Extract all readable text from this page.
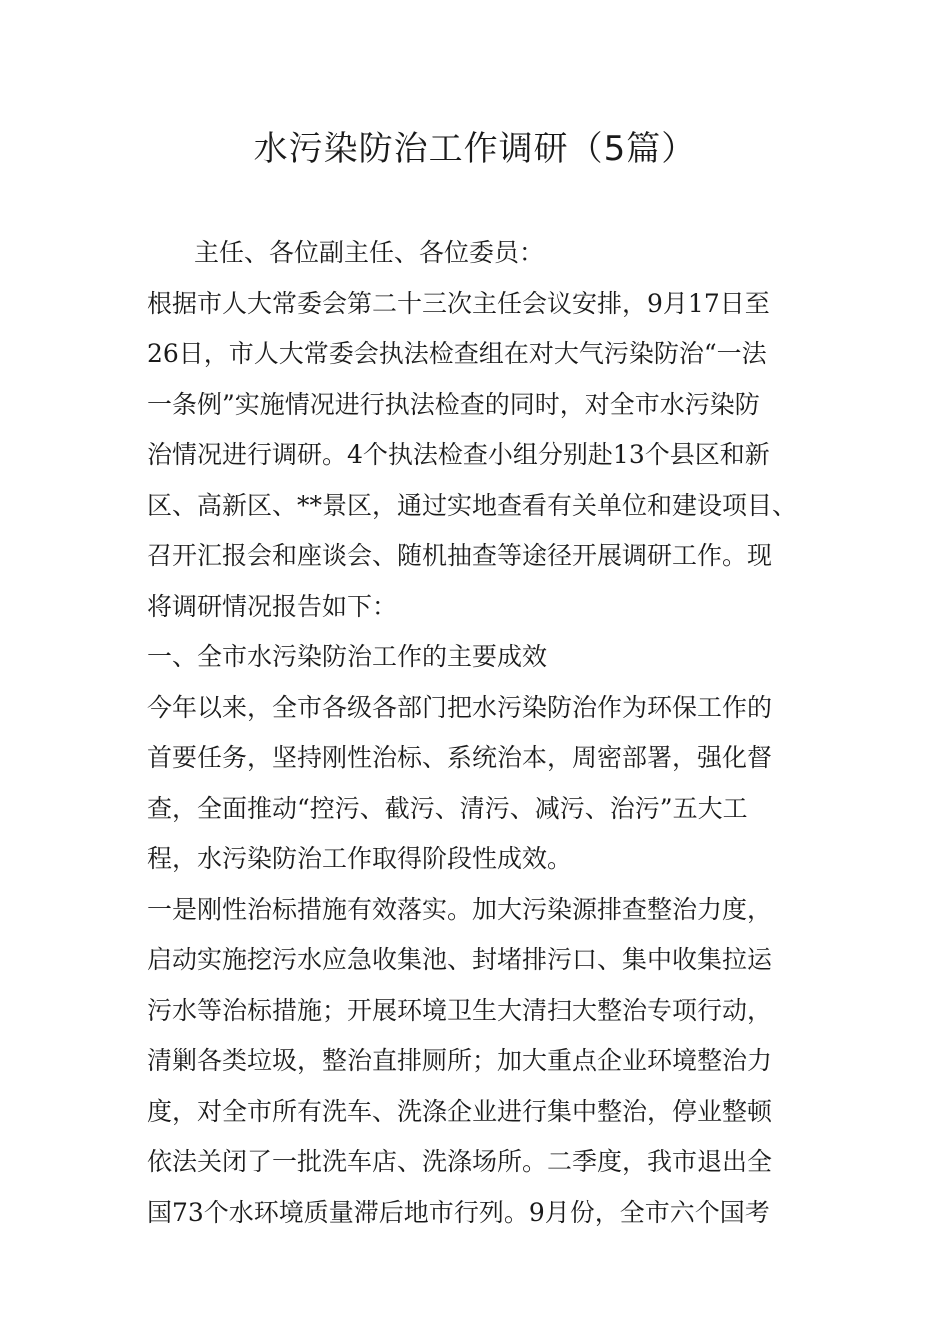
水污染防治工作调研（5篇）
主任、各位副主任、各位委员：
根据市人大常委会第二十三次主任会议安排，9月17日至
26日，市人大常委会执法检查组在对大气污染防治“一法
一条例”实施情况进行执法检查的同时，对全市水污染防
治情况进行调研。4个执法检查小组分别赴13个县区和新
区、高新区、**景区，通过实地查看有关单位和建设项目、
召开汇报会和座谈会、随机抽查等途径开展调研工作。现
将调研情况报告如下：
一、全市水污染防治工作的主要成效
今年以来，全市各级各部门把水污染防治作为环保工作的
首要任务，坚持刚性治标、系统治本，周密部署，强化督
查，全面推动“控污、截污、清污、减污、治污”五大工
程，水污染防治工作取得阶段性成效。
一是刚性治标措施有效落实。加大污染源排查整治力度，
启动实施挖污水应急收集池、封堵排污口、集中收集拉运
污水等治标措施；开展环境卫生大清扫大整治专项行动，
清剿各类垃圾，整治直排厕所；加大重点企业环境整治力
度，对全市所有洗车、洗涤企业进行集中整治，停业整顿
依法关闭了一批洗车店、洗涤场所。二季度，我市退出全
国73个水环境质量滞后地市行列。9月份，全市六个国考
